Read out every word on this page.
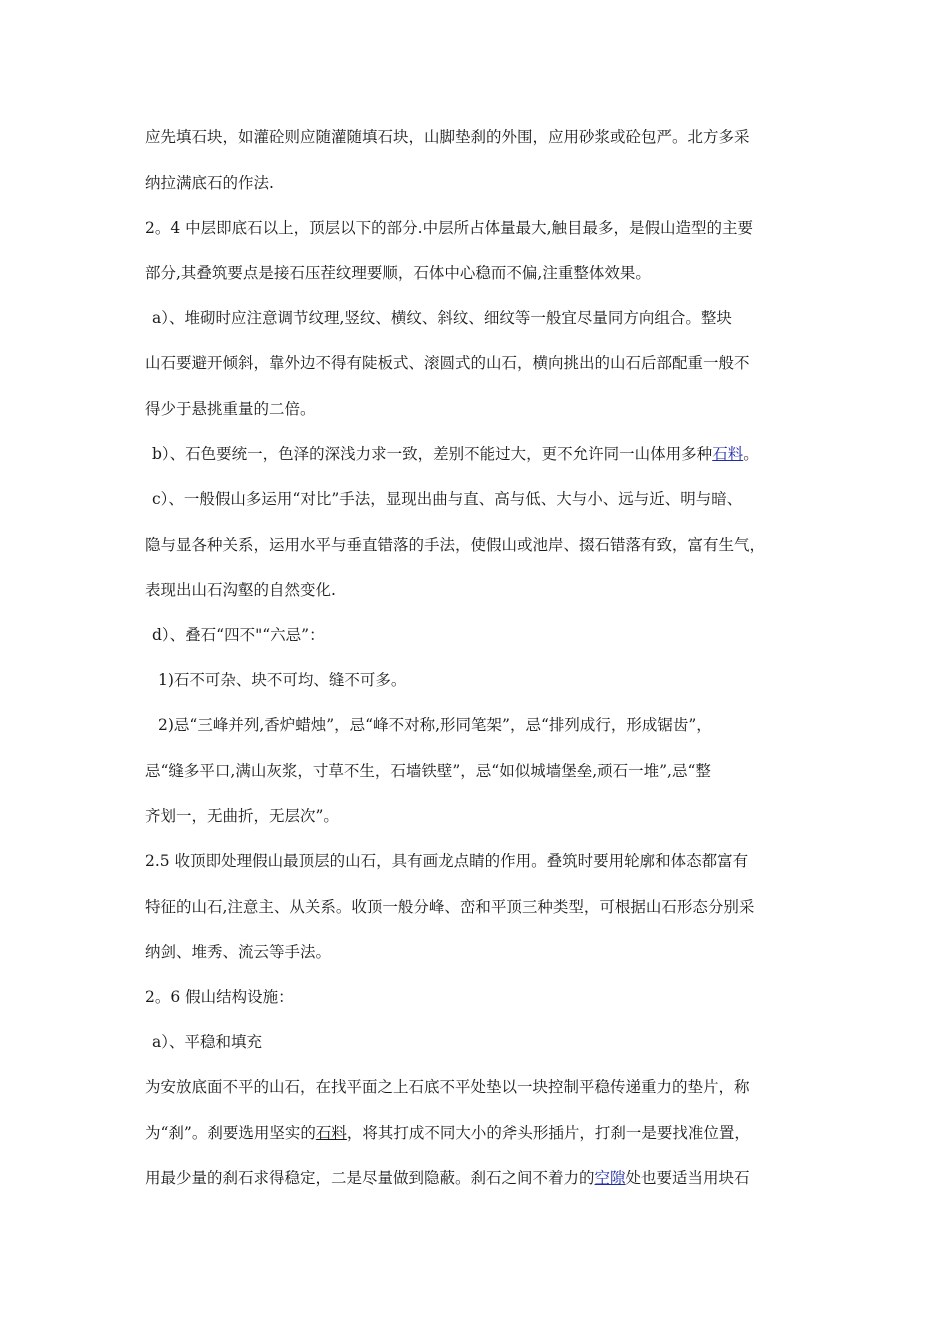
应先填石块，如灌砼则应随灌随填石块，山脚垫刹的外围，应用砂浆或砼包严。北方多采
纳拉满底石的作法.
2。4 中层即底石以上，顶层以下的部分.中层所占体量最大,触目最多，是假山造型的主要
部分,其叠筑要点是接石压茬纹理要顺，石体中心稳而不偏,注重整体效果。
a）、堆砌时应注意调节纹理,竖纹、横纹、斜纹、细纹等一般宜尽量同方向组合。整块
山石要避开倾斜，靠外边不得有陡板式、滚圆式的山石，横向挑出的山石后部配重一般不
得少于悬挑重量的二倍。
b）、石色要统一，色泽的深浅力求一致，差别不能过大，更不允许同一山体用多种石料。
c）、一般假山多运用“对比”手法，显现出曲与直、高与低、大与小、远与近、明与暗、
隐与显各种关系，运用水平与垂直错落的手法，使假山或池岸、掇石错落有致，富有生气，
表现出山石沟壑的自然变化.
d）、叠石“四不"“六忌”：
1)石不可杂、块不可均、缝不可多。
2)忌“三峰并列,香炉蜡烛”，忌“峰不对称,形同笔架”，忌“排列成行，形成锯齿”，
忌“缝多平口,满山灰浆，寸草不生，石墙铁壁”，忌“如似城墙堡垒,顽石一堆”,忌“整
齐划一，无曲折，无层次”。
2.5 收顶即处理假山最顶层的山石，具有画龙点睛的作用。叠筑时要用轮廓和体态都富有
特征的山石,注意主、从关系。收顶一般分峰、峦和平顶三种类型，可根据山石形态分别采
纳剑、堆秀、流云等手法。
2。6 假山结构设施：
a）、平稳和填充
为安放底面不平的山石，在找平面之上石底不平处垫以一块控制平稳传递重力的垫片，称
为“刹”。刹要选用坚实的石料，将其打成不同大小的斧头形插片，打刹一是要找准位置，
用最少量的刹石求得稳定，二是尽量做到隐蔽。刹石之间不着力的空隙处也要适当用块石
